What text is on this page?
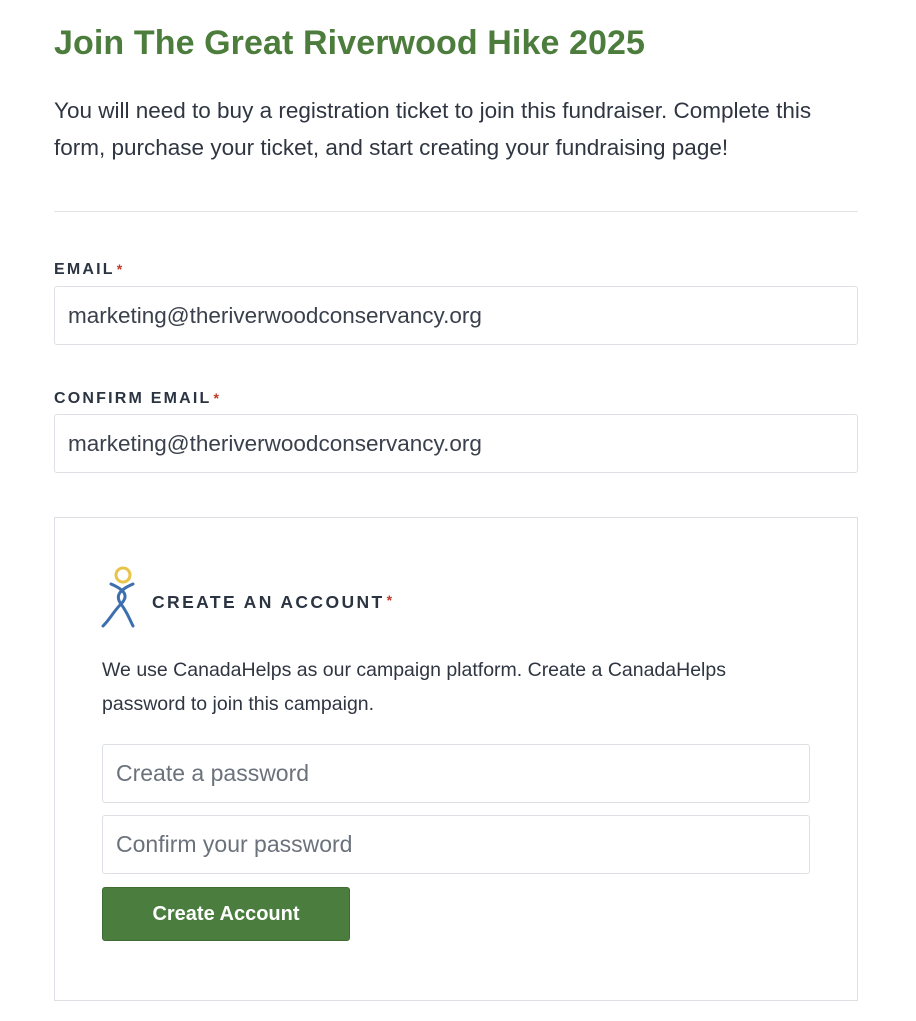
Join The Great Riverwood Hike 2025

You will need to buy a registration ticket to join this fundraiser. Complete this form, purchase your ticket, and start creating your fundraising page!

EMAIL *
marketing@theriverwoodconservancy.org
CONFIRM EMAIL *
marketing@theriverwoodconservancy.org
CREATE AN ACCOUNT *

We use CanadaHelps as our campaign platform. Create a CanadaHelps password to join this campaign.

Create Account
